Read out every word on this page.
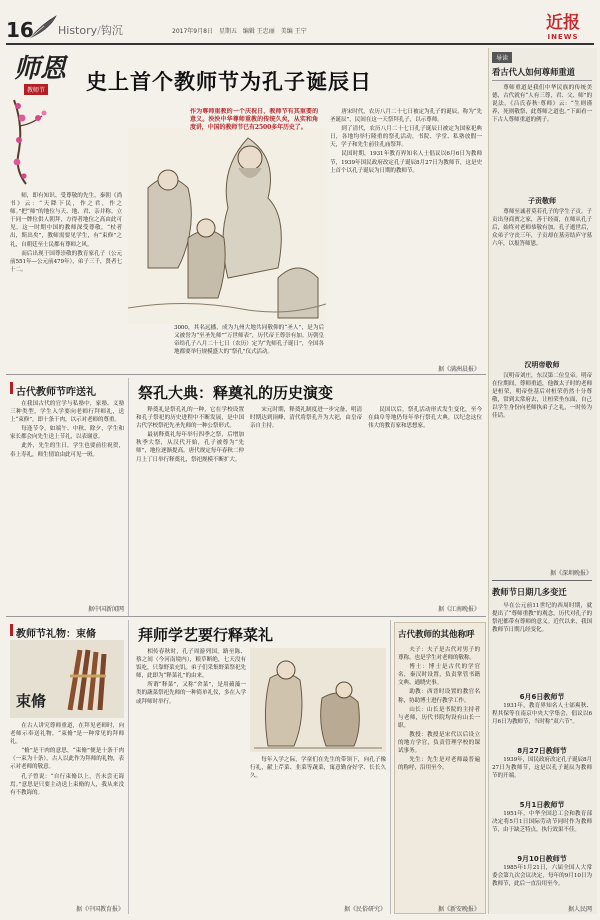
16 History/钩沉	2017年9月8日　星期五　编辑 王忠丽　美编 王宁	近报
INEWS
师恩
教师节 史上首个教师节为孔子诞辰日
作为尊师重教的一个庆祝日，教师节有其重要的意义。泱泱中华尊师重教的传统久矣，从实和角度讲，中国的教师节已有2500多年历史了。

师，即有知识、受尊敬的先生。秦朝《尚书》云：“天降下民，作之君，作之师。”把“师”的地位与天、地、君、亲并称。立于同一牌位供人朝拜，方得者地位之高由此可见。这一时期中国的教师深受尊敬，“杖者出，斯出矣”，教师需要见学生，有“束修”之礼，自朝廷至士民都有尊师之风。

而后出现于国尊崇敬的教育家孔子（公元前551年—公元前479年），弟子三千，贤者七十二。

3000，其名远播，成为九州大地共同敬仰的“圣人”，是为后又被誉为“至圣先师”“万世师表”，历代帝王尊崇有加。历朝皇帝给孔子八月二十七日（农历）定为“先师孔子诞日”，全国各地都要举行规模盛大的“祭孔”仪式活动。

唐宋时代，农历八月二十七日被定为孔子的诞辰，称为“先圣诞辰”，民间在这一天祭拜孔子，以示尊师。

到了清代，农历八月二十七日孔子诞辰日被定为国家祀典日，各地均举行隆重的祭孔活动，书院、学堂、私塾放假一天，学子和先生前往孔庙祭拜。

民国时期，1931年教育界知名人士倡议以6月6日为教师节，1939年国民政府改定孔子诞辰8月27日为教师节，这是史上首个以孔子诞辰为日期的教师节。

据《满洲晨报》
古代教师节咋送礼

在我国古代的官学与私塾中，家塾、义塾三种类型，学生入学要向老师行拜师礼，送上“束修”，即十条干肉，以示对老师的尊重。

每逢节令，如端午、中秋、除夕，学生和家长都会向先生送上节礼，以表谢意。

此外，先生的生日，学生也要前往祝贺，奉上寿礼，师生情谊由此可见一斑。

据中国新闻网
祭孔大典：释奠礼的历史演变

释奠礼是祭孔礼的一种，它在学校设置和孔子祭祀的历史进程中不断发展，是中国古代学校祭祀先圣先师的一种公祭形式。

最初释奠礼每年举行四季之祭，后增加秋季大祭，从汉代开始，孔子被尊为“先师”，地位逐渐提高。唐代规定每年春秋二仲月上丁日举行释奠礼，祭祀规模不断扩大。

宋元时期，释奠礼制度进一步完备，明清时期达到顶峰，清代将祭孔升为大祀，由皇帝亲自主持。

民国以后，祭孔活动形式发生变化，至今在曲阜等地仍每年举行祭孔大典，以纪念这位伟大的教育家和思想家。

据《江南晚报》
教师节礼物：束脩
束脩

在古人讲究尊师重道，在拜见老师时，向老师示奉送礼物，“束脩”是一种常见的拜师礼。

“脩”是干肉的意思，“束脩”便是十条干肉（一束为十条），古人以此作为拜师的礼物，表示对老师的敬意。

孔子曾说：“自行束脩以上，吾未尝无诲焉。”意思是只要主动送上束脩的人，我从来没有不教诲的。

据《中国教育报》
拜师学艺要行释菜礼

相传春秋时，孔子周游列国，路至陈、蔡之间（今河南境内），粮草断绝，七天没有饭吃，只靠野菜充饥。弟子们采集野菜祭祀先师，此即为“释菜礼”的由来。

所谓“释菜”，又称“舍菜”，是用蘋藻一类的蔬菜祭祀先师的一种简单礼仪，多在入学或拜师时举行。

每年入学之际，学童们在先生的带领下，向孔子像行礼，献上芹菜、韭菜等蔬菜，寓意勤奋好学、长长久久。

据《民俗研究》
古代教师的其他称呼

夫子：夫子是古代对男子的尊称，也是学生对老师的敬称。

博士：博士是古代的学官名，秦汉时设置，负责掌管书籍文典、通晓史事。

助教：西晋时设置的教官名称，协助博士进行教学工作。

山长：山长是书院的主持者与老师，历代书院均设有山长一职。

教授：教授是宋代以后设立的地方学官，负责管理学校的课试事务。

先生：先生是对老师最普遍的称呼，沿用至今。

据《新安晚报》
导读
看古代人如何尊师重道

尊师重道是我们中华民族的传统美德，古代就有“人有三尊，君、父、师”的说法。《吕氏春秋·尊师》云：“生则谨养，死则敬祭，此尊师之道也。”下面看一下古人尊师重道的例子。

子贡敬师

尊师至诚者莫若孔子的学生子贡。子贡出身商贾之家，善于经商，在师从孔子后，始终对老师恭敬有加。孔子逝世后，众弟子守丧三年，子贡却在墓旁结庐守墓六年，以报答师恩。

汉明帝敬师

汉明帝刘庄，东汉第二位皇帝。明帝在位期间，尊师重道，他做太子时的老师是桓荣，明帝登基后对桓荣仍然十分尊敬，常到太常府去，让桓荣坐东面，自己以学生身份向老师执弟子之礼，一时传为佳话。

据《深圳晚报》
教师节日期几多变迁

早在公元前11世纪的西周时期，就提出了“尊师重教”的观念，历代对孔子的祭祀都带有尊师的意义。近代以来，我国教师节日期几经变化。

6月6日教师节

1931年，教育界知名人士邰爽秋、程其保等在南京中央大学集会，倡议以6月6日为教师节，当时称“双六节”。

8月27日教师节

1939年，国民政府改定孔子诞辰8月27日为教师节，这是以孔子诞辰为教师节的开端。

5月1日教师节

1951年，中华全国总工会和教育部决定将5月1日国际劳动节同时作为教师节，由于缺乏特点，执行效果不佳。

9月10日教师节

1985年1月21日，六届全国人大常委会第九次会议决定，每年的9月10日为教师节，此后一直沿用至今。

据人民网
